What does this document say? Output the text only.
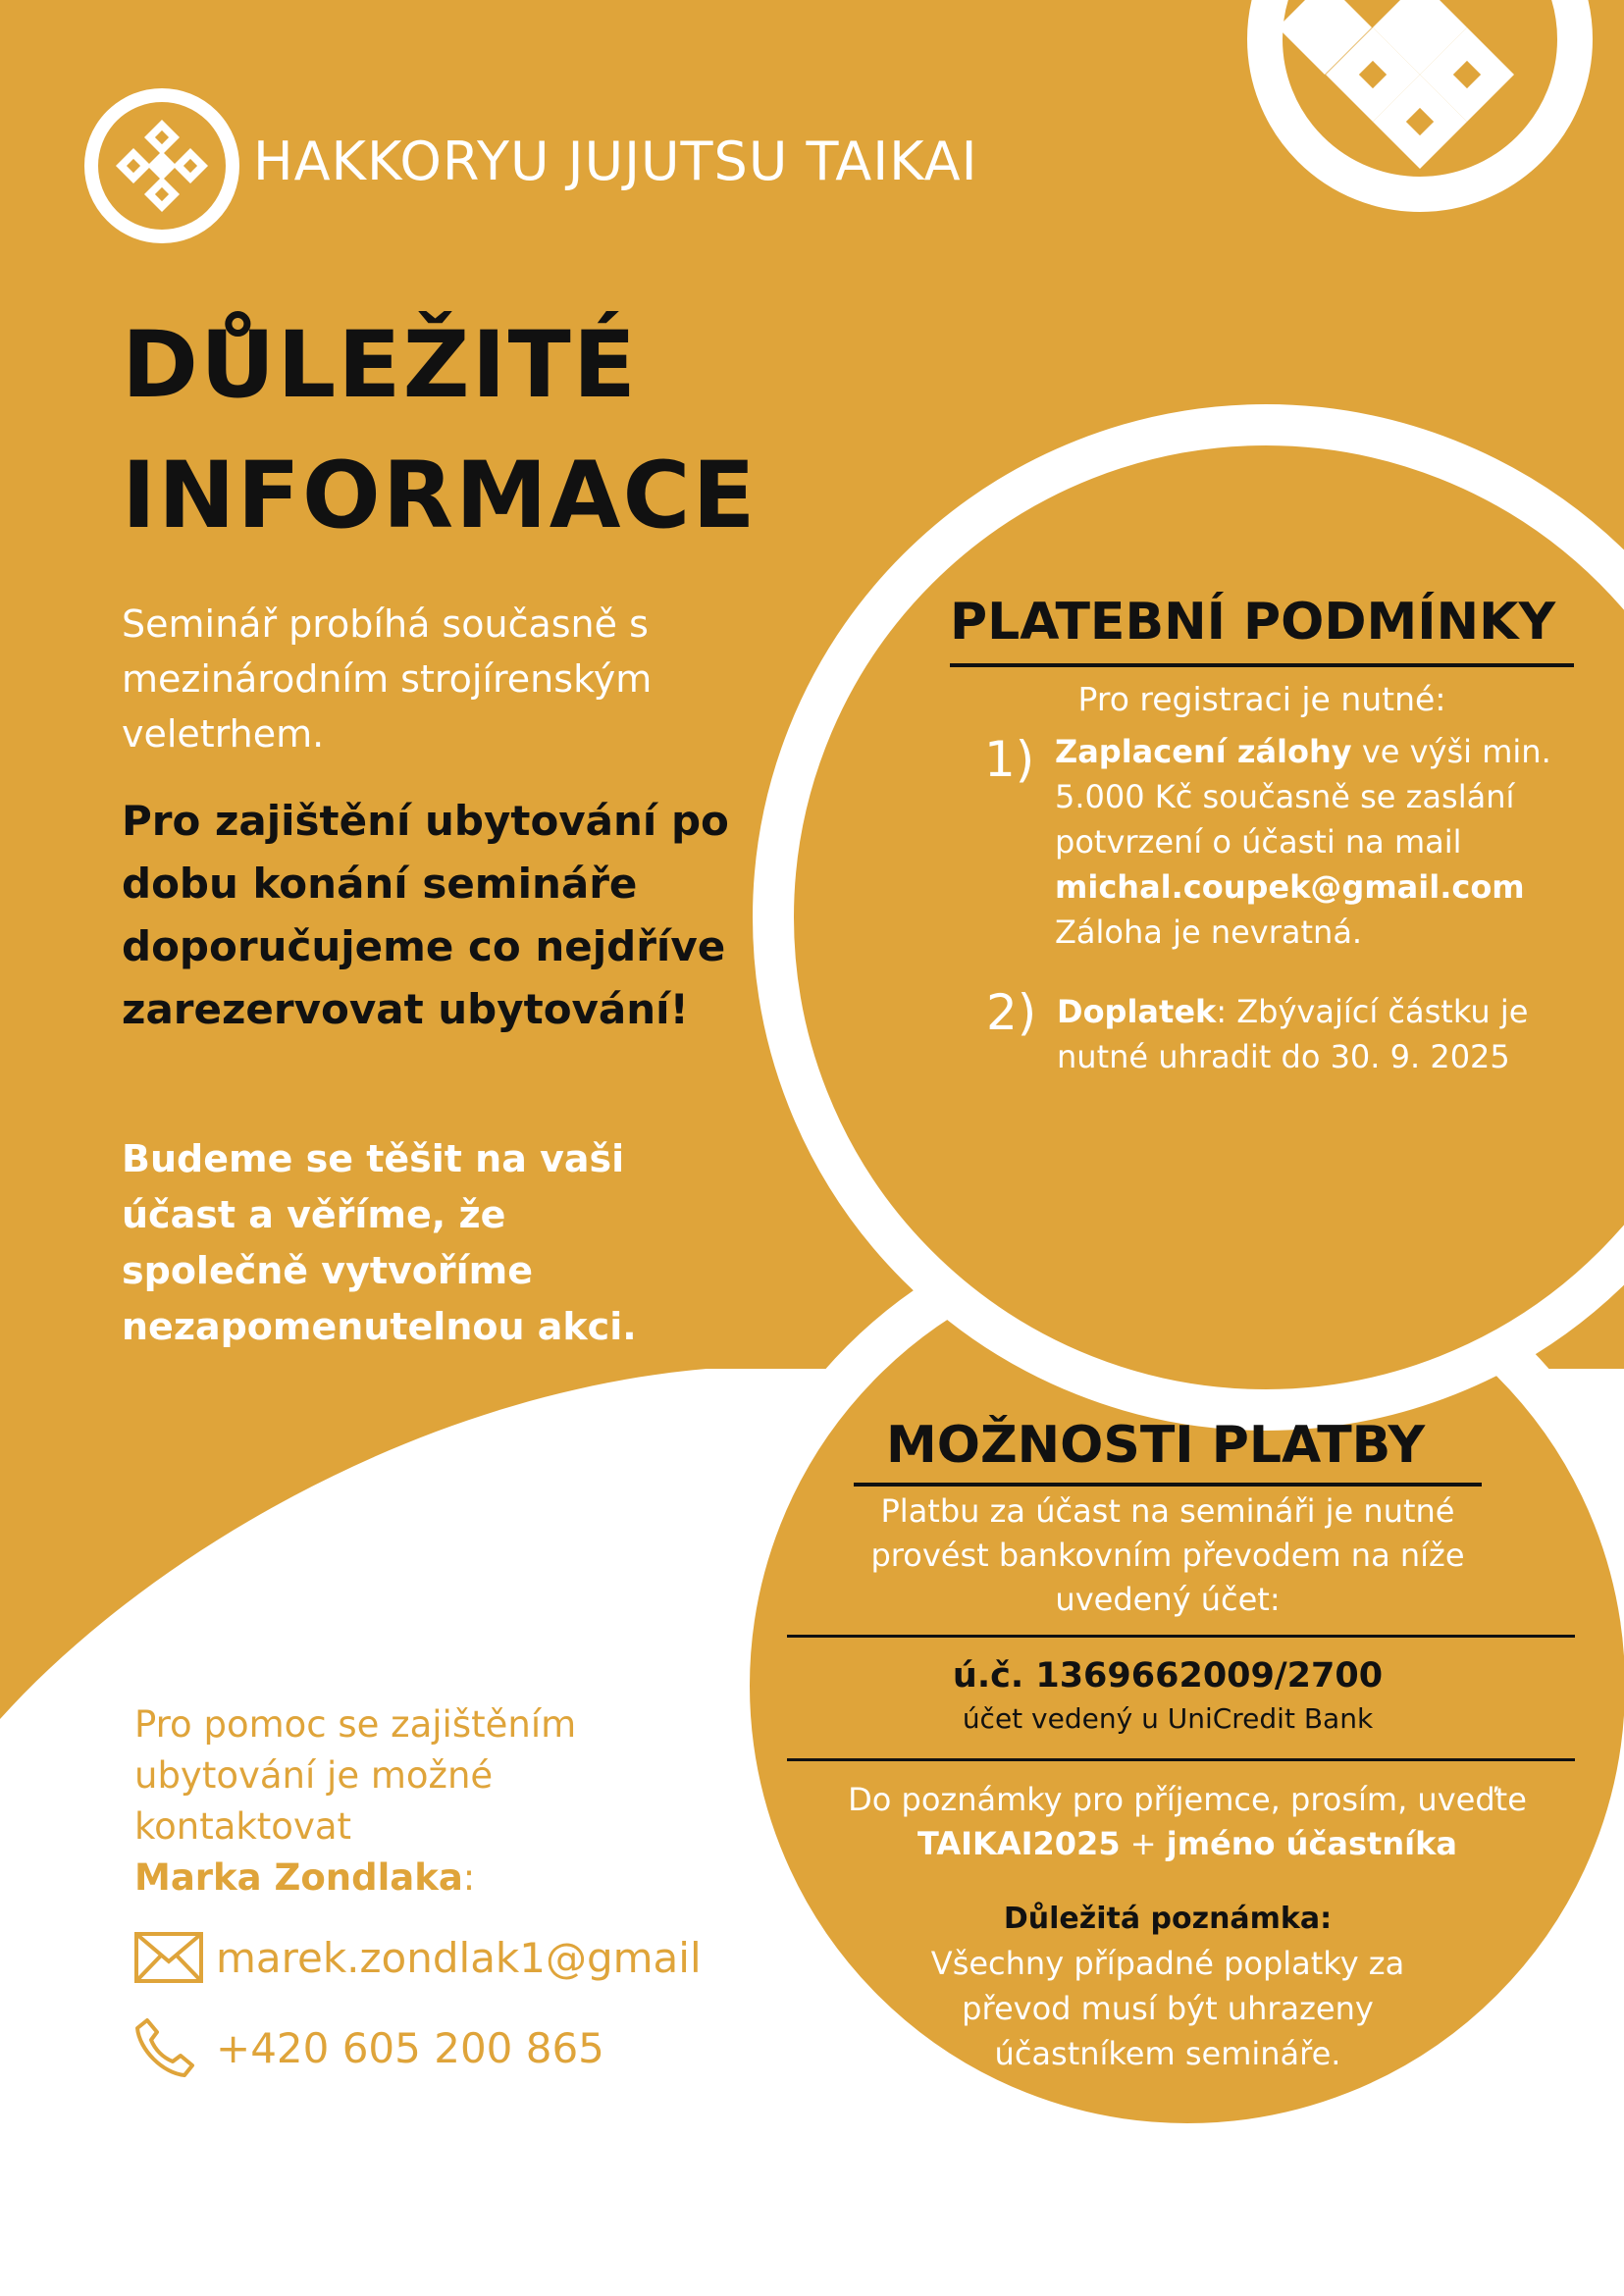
HAKKORYU JUJUTSU TAIKAI
DŮLEŽITÉ
INFORMACE
Seminář probíhá současně s mezinárodním strojírenským veletrhem.
Pro zajištění ubytování po dobu konání semináře doporučujeme co nejdříve zarezervovat ubytování!
Budeme se těšit na vaši účast a věříme, že společně vytvoříme nezapomenutelnou akci.
Pro pomoc se zajištěním ubytování je možné kontaktovat
Marka Zondlaka:
marek.zondlak1@gmail
+420 605 200 865
PLATEBNÍ PODMÍNKY
Pro registraci je nutné:
1) Zaplacení zálohy ve výši min. 5.000 Kč současně se zaslání potvrzení o účasti na mail michal.coupek@gmail.com Záloha je nevratná.
2) Doplatek: Zbývající částku je nutné uhradit do 30. 9. 2025
MOŽNOSTI PLATBY
Platbu za účast na semináři je nutné provést bankovním převodem na níže uvedený účet:
ú.č. 1369662009/2700
účet vedený u UniCredit Bank
Do poznámky pro příjemce, prosím, uveďte
TAIKAI2025 + jméno účastníka
Důležitá poznámka:
Všechny případné poplatky za převod musí být uhrazeny účastníkem semináře.
